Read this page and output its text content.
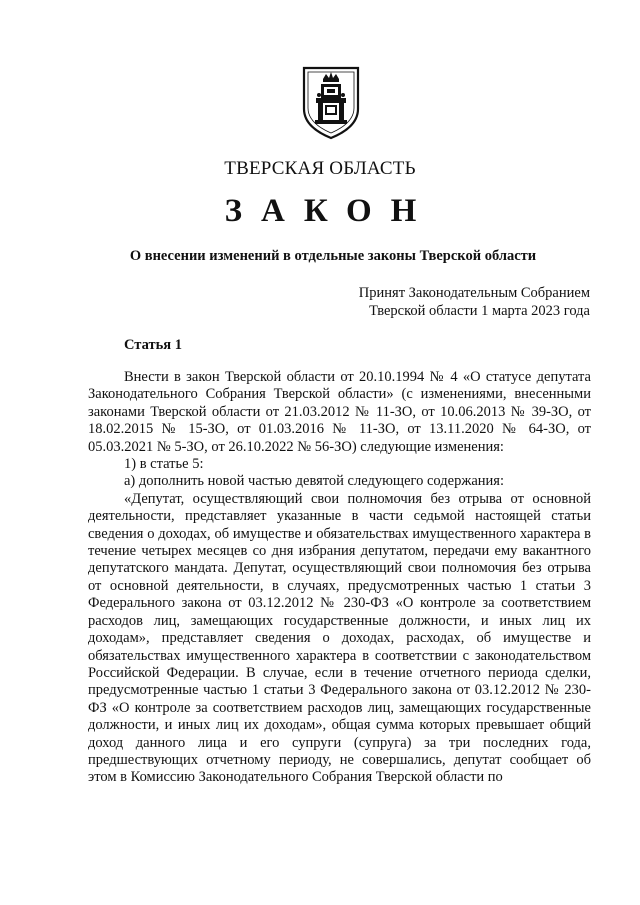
ТВЕРСКАЯ ОБЛАСТЬ
ЗАКОН
О внесении изменений в отдельные законы Тверской области
Принят Законодательным Собранием
Тверской области 1 марта 2023 года
Статья 1

Внести в закон Тверской области от 20.10.1994 № 4 «О статусе депутата Законодательного Собрания Тверской области» (с изменениями, внесенными законами Тверской области от 21.03.2012 № 11-ЗО, от 10.06.2013 № 39-ЗО, от 18.02.2015 № 15-ЗО, от 01.03.2016 № 11-ЗО, от 13.11.2020 № 64-ЗО, от 05.03.2021 № 5-ЗО, от 26.10.2022 № 56-ЗО) следующие изменения:

1) в статье 5:

а) дополнить новой частью девятой следующего содержания:

«Депутат, осуществляющий свои полномочия без отрыва от основной деятельности, представляет указанные в части седьмой настоящей статьи сведения о доходах, об имуществе и обязательствах имущественного характера в течение четырех месяцев со дня избрания депутатом, передачи ему вакантного депутатского мандата. Депутат, осуществляющий свои полномочия без отрыва от основной деятельности, в случаях, предусмотренных частью 1 статьи 3 Федерального закона от 03.12.2012 № 230-ФЗ «О контроле за соответствием расходов лиц, замещающих государственные должности, и иных лиц их доходам», представляет сведения о доходах, расходах, об имуществе и обязательствах имущественного характера в соответствии с законодательством Российской Федерации. В случае, если в течение отчетного периода сделки, предусмотренные частью 1 статьи 3 Федерального закона от 03.12.2012 № 230-ФЗ «О контроле за соответствием расходов лиц, замещающих государственные должности, и иных лиц их доходам», общая сумма которых превышает общий доход данного лица и его супруги (супруга) за три последних года, предшествующих отчетному периоду, не совершались, депутат сообщает об этом в Комиссию Законодательного Собрания Тверской области по
